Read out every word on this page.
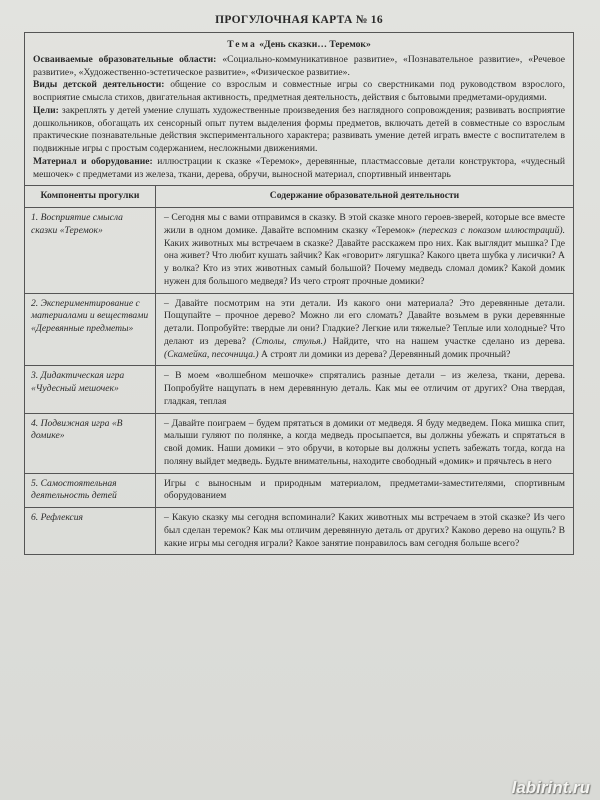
ПРОГУЛОЧНАЯ КАРТА № 16
Тема «День сказки… Теремок»

Осваиваемые образовательные области: «Социально-коммуникативное развитие», «Познавательное развитие», «Речевое развитие», «Художественно-эстетическое развитие», «Физическое развитие».

Виды детской деятельности: общение со взрослым и совместные игры со сверстниками под руководством взрослого, восприятие смысла стихов, двигательная активность, предметная деятельность, действия с бытовыми предметами-орудиями.

Цели: закреплять у детей умение слушать художественные произведения без наглядного сопровождения; развивать восприятие дошкольников, обогащать их сенсорный опыт путем выделения формы предметов, включать детей в совместные со взрослым практические познавательные действия экспериментального характера; развивать умение детей играть вместе с воспитателем в подвижные игры с простым содержанием, несложными движениями.

Материал и оборудование: иллюстрации к сказке «Теремок», деревянные, пластмассовые детали конструктора, «чудесный мешочек» с предметами из железа, ткани, дерева, обручи, выносной материал, спортивный инвентарь

Компоненты прогулки	Содержание образовательной деятельности
1. Восприятие смысла сказки «Теремок»	– Сегодня мы с вами отправимся в сказку. В этой сказке много героев-зверей, которые все вместе жили в одном домике. Давайте вспомним сказку «Теремок» (пересказ с показом иллюстраций). Каких животных мы встречаем в сказке? Давайте расскажем про них. Как выглядит мышка? Где она живет? Что любит кушать зайчик? Как «говорит» лягушка? Какого цвета шубка у лисички? А у волка? Кто из этих животных самый большой? Почему медведь сломал домик? Какой домик нужен для большого медведя? Из чего строят прочные домики?
2. Экспериментирование с материалами и веществами «Деревянные предметы»	– Давайте посмотрим на эти детали. Из какого они материала? Это деревянные детали. Пощупайте – прочное дерево? Можно ли его сломать? Давайте возьмем в руки деревянные детали. Попробуйте: твердые ли они? Гладкие? Легкие или тяжелые? Теплые или холодные? Что делают из дерева? (Столы, стулья.) Найдите, что на нашем участке сделано из дерева. (Скамейка, песочница.) А строят ли домики из дерева? Деревянный домик прочный?
3. Дидактическая игра «Чудесный мешочек»	– В моем «волшебном мешочке» спрятались разные детали – из железа, ткани, дерева. Попробуйте нащупать в нем деревянную деталь. Как мы ее отличим от других? Она твердая, гладкая, теплая
4. Подвижная игра «В домике»	– Давайте поиграем – будем прятаться в домики от медведя. Я буду медведем. Пока мишка спит, малыши гуляют по полянке, а когда медведь просыпается, вы должны убежать и спрятаться в свой домик. Наши домики – это обручи, в которые вы должны успеть забежать тогда, когда на поляну выйдет медведь. Будьте внимательны, находите свободный «домик» и прячьтесь в него
5. Самостоятельная деятельность детей	Игры с выносным и природным материалом, предметами-заместителями, спортивным оборудованием
6. Рефлексия	– Какую сказку мы сегодня вспоминали? Каких животных мы встречаем в этой сказке? Из чего был сделан теремок? Как мы отличим деревянную деталь от других? Каково дерево на ощупь? В какие игры мы сегодня играли? Какое занятие понравилось вам сегодня больше всего?
labirint.ru
